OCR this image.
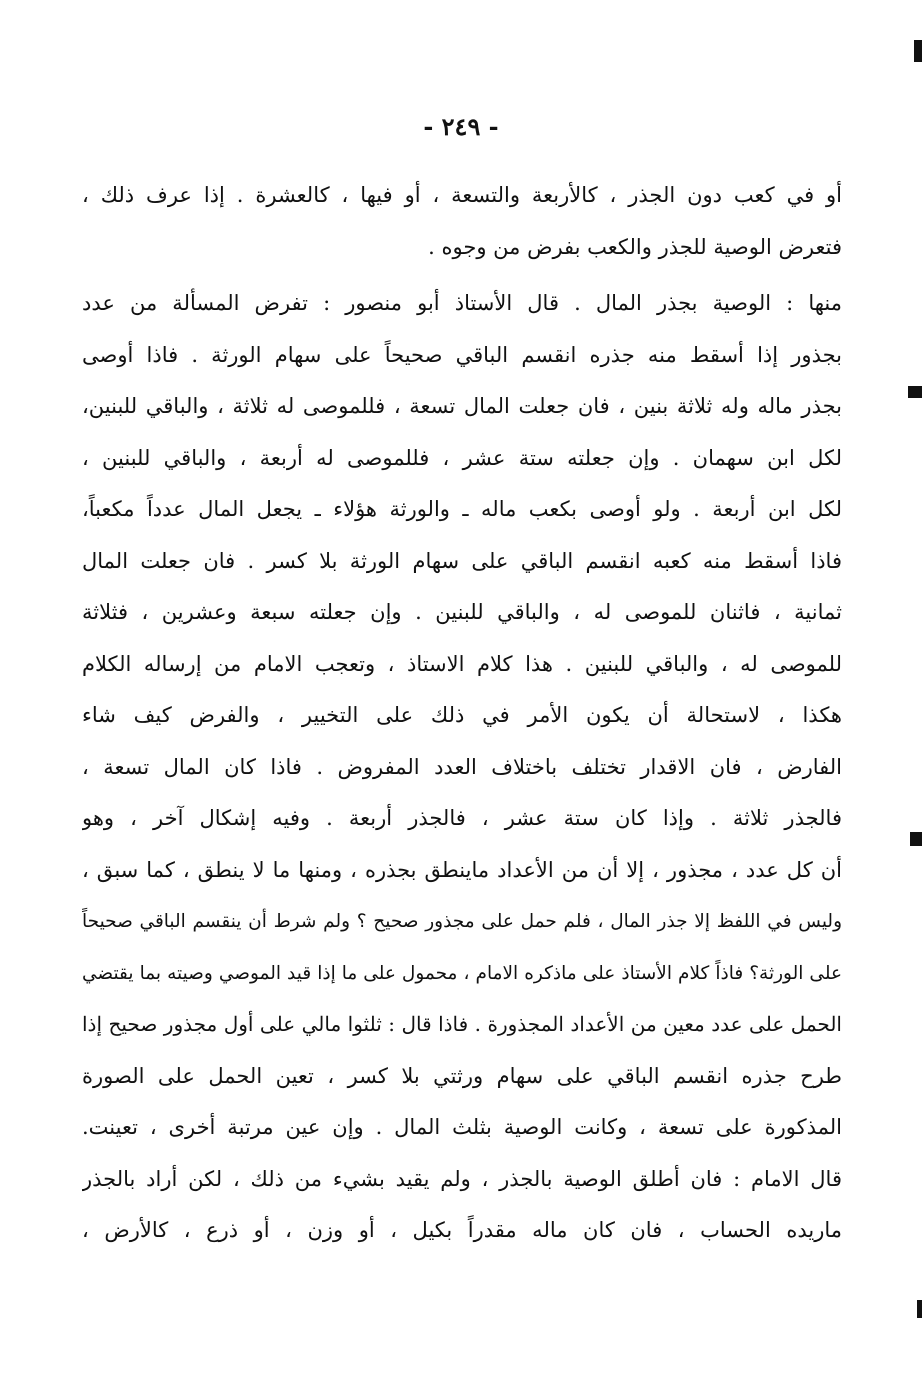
- ٢٤٩ -
أو في كعب دون الجذر ، كالأربعة والتسعة ، أو فيها ، كالعشرة . إذا عرف ذلك ،
فتعرض الوصية للجذر والكعب بفرض من وجوه .
منها : الوصية بجذر المال . قال الأستاذ أبو منصور : تفرض المسألة من عدد
بجذور إذا أسقط منه جذره انقسم الباقي صحيحاً على سهام الورثة . فاذا أوصى
بجذر ماله وله ثلاثة بنين ، فان جعلت المال تسعة ، فللموصى له ثلاثة ، والباقي للبنين،
لكل ابن سهمان . وإن جعلته ستة عشر ، فللموصى له أربعة ، والباقي للبنين ،
لكل ابن أربعة . ولو أوصى بكعب ماله ـ والورثة هؤلاء ـ يجعل المال عدداً مكعباً،
فاذا أسقط منه كعبه انقسم الباقي على سهام الورثة بلا كسر . فان جعلت المال
ثمانية ، فاثنان للموصى له ، والباقي للبنين . وإن جعلته سبعة وعشرين ، فثلاثة
للموصى له ، والباقي للبنين . هذا كلام الاستاذ ، وتعجب الامام من إرساله الكلام
هكذا ، لاستحالة أن يكون الأمر في ذلك على التخيير ، والفرض كيف شاء
الفارض ، فان الاقدار تختلف باختلاف العدد المفروض . فاذا كان المال تسعة ،
فالجذر ثلاثة . وإذا كان ستة عشر ، فالجذر أربعة . وفيه إشكال آخر ، وهو
أن كل عدد ، مجذور ، إلا أن من الأعداد ماينطق بجذره ، ومنها ما لا ينطق ، كما سبق ،
وليس في اللفظ إلا جذر المال ، فلم حمل على مجذور صحيح ؟ ولم شرط أن ينقسم الباقي صحيحاً
على الورثة؟ فاذاً كلام الأستاذ على ماذكره الامام ، محمول على ما إذا قيد الموصي وصيته بما يقتضي
الحمل على عدد معين من الأعداد المجذورة . فاذا قال : ثلثوا مالي على أول مجذور صحيح إذا
طرح جذره انقسم الباقي على سهام ورثتي بلا كسر ، تعين الحمل على الصورة
المذكورة على تسعة ، وكانت الوصية بثلث المال . وإن عين مرتبة أخرى ، تعينت.
قال الامام : فان أطلق الوصية بالجذر ، ولم يقيد بشيء من ذلك ، لكن أراد بالجذر
ماريده الحساب ، فان كان ماله مقدراً بكيل ، أو وزن ، أو ذرع ، كالأرض ،
